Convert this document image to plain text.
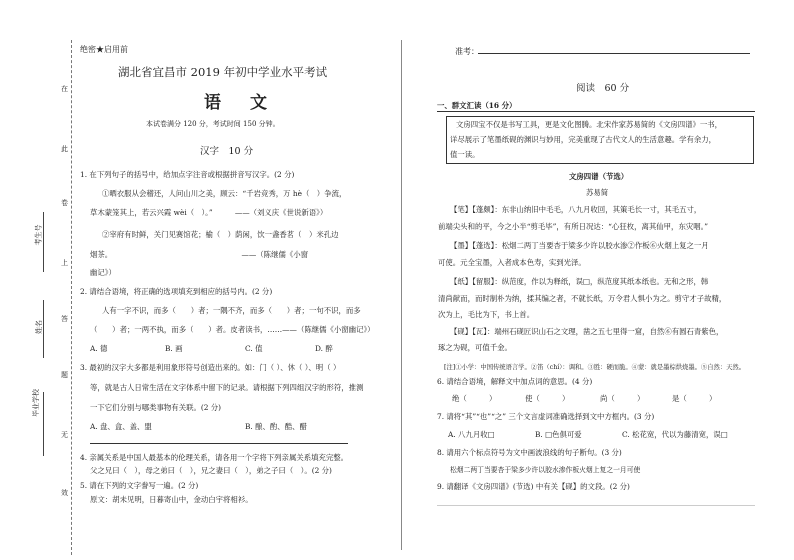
在
此
卷
上
答
题
无
效
考生号
姓名
毕业学校
绝密★启用前
湖北省宜昌市 2019 年初中学业水平考试
语　文
本试卷满分 120 分，考试时间 150 分钟。
汉字　10 分
1. 在下列句子的括号中，给加点字注音或根据拼音写汉字。(2 分)
①晒衣服从会稽还，人问山川之美，顾云：“千岩竞秀，万 hè（　）争流，
草木蒙笼其上，若云兴霞 wèi（　）。”　　　——（刘义庆《世说新语》）
②宰府有时鲜，关门见赛馆花；榆（　）荫闲，饮一盏香茗（　）米孔边
烟茶。　　　　　　　　　　　　　　　　　　——（陈继儒《小窗
幽记》）
2. 请结合语境，将正确的选项填充到相应的括号内。(2 分)
人有一字不识，而多（　　）者；一隅不齐，而多（　　）者；一句不识，而多
（　　）者；一两不执，而多（　　）者。皮者读书，……——（陈继儒《小窗幽记》）
A. 德	B. 画	C. 值	D. 醉
3. 最初的汉字大多都是利用象形符号创造出来的。如：门（ ）、休（ ）、明（ ）
等，就是古人日常生活在文字体系中留下的记录。请根据下列四组汉字的形符，推测
一下它们分别与哪类事物有关联。(2 分)
A. 盘、盒、盖、盟	B. 酿、酌、酷、醋
4. 亲属关系是中国人最基本的伦理关系，请各用一个字将下列亲属关系填充完整。
父之兄曰（　），母之弟曰（　），兄之妻曰（　），弟之子曰（　）。(2 分)
5. 请在下列的文字誊写一遍。(2 分)
原文：胡未见明，日暮寄山中，金动白宇将相衫。
准考：
阅读　60 分
一、群文汇读（16 分）
文房四宝不仅是书写工具，更是文化图腾。北宋作家苏易简的《文房四谱》一书，
详尽展示了笔墨纸砚的渊识与妙用，完美重现了古代文人的生活意趣。学有余力，
值一读。
文房四谱（节选）
苏易简
【笔】【蓬颇】：东非山纳旧中毛毛，八九月收回，其策毛长一寸，其毛五寸，
前端尖头和的平，今之小半“剪毛毕”，有所日况达：“心狂枚，离其仙甲，东灾咽。”
【墨】【蓬选】：松烟二两丁当要杏于梁多少许以胶水渗②作板⑥火烟上复之一月
可使。元全宝墨，入者成本色寿，实到光泽。
【纸】【留服】：纵范度，作以为释纸，误□，纵范度其纸本纸也。无和之形，韩
清尚献而，而时制朴为纳，揉其编之者，不就长纸，万令君人惧小为之。剪守才子故精，
次为上，毛比为下，书上首。
【砚】【瓦】：端州石砚匠识山石之文理，凿之五七里得一窟，自然⑥有圆石青紫色，
琢之为砚，可值千金。
[注]①小学：中国传统语言学。②笛（chí）：调和。③胜：硬而脆。④蒙：就是墨棕烘烧墨。⑤自然：天然。
6. 请结合语境，解释文中加点词的意思。(4 分)
绝（　　　）	使（　　　）	尚（　　　）	是（　　　）
7. 请将“其”“也”“之” 三个文言虚词准确选择到文中方框内。(3 分)
A. 八九月收□	B. □色俱可爱	C. 松花宽，代以为藤清宽，误□
8. 请用六个标点符号为文中画波浪线的句子断句。(3 分)
松烟二两丁当要杏于梁多少许以胶水渗作板火烟上复之一月可使
9. 请翻译《文房四谱》(节选) 中有关【砚】的文段。(2 分)
